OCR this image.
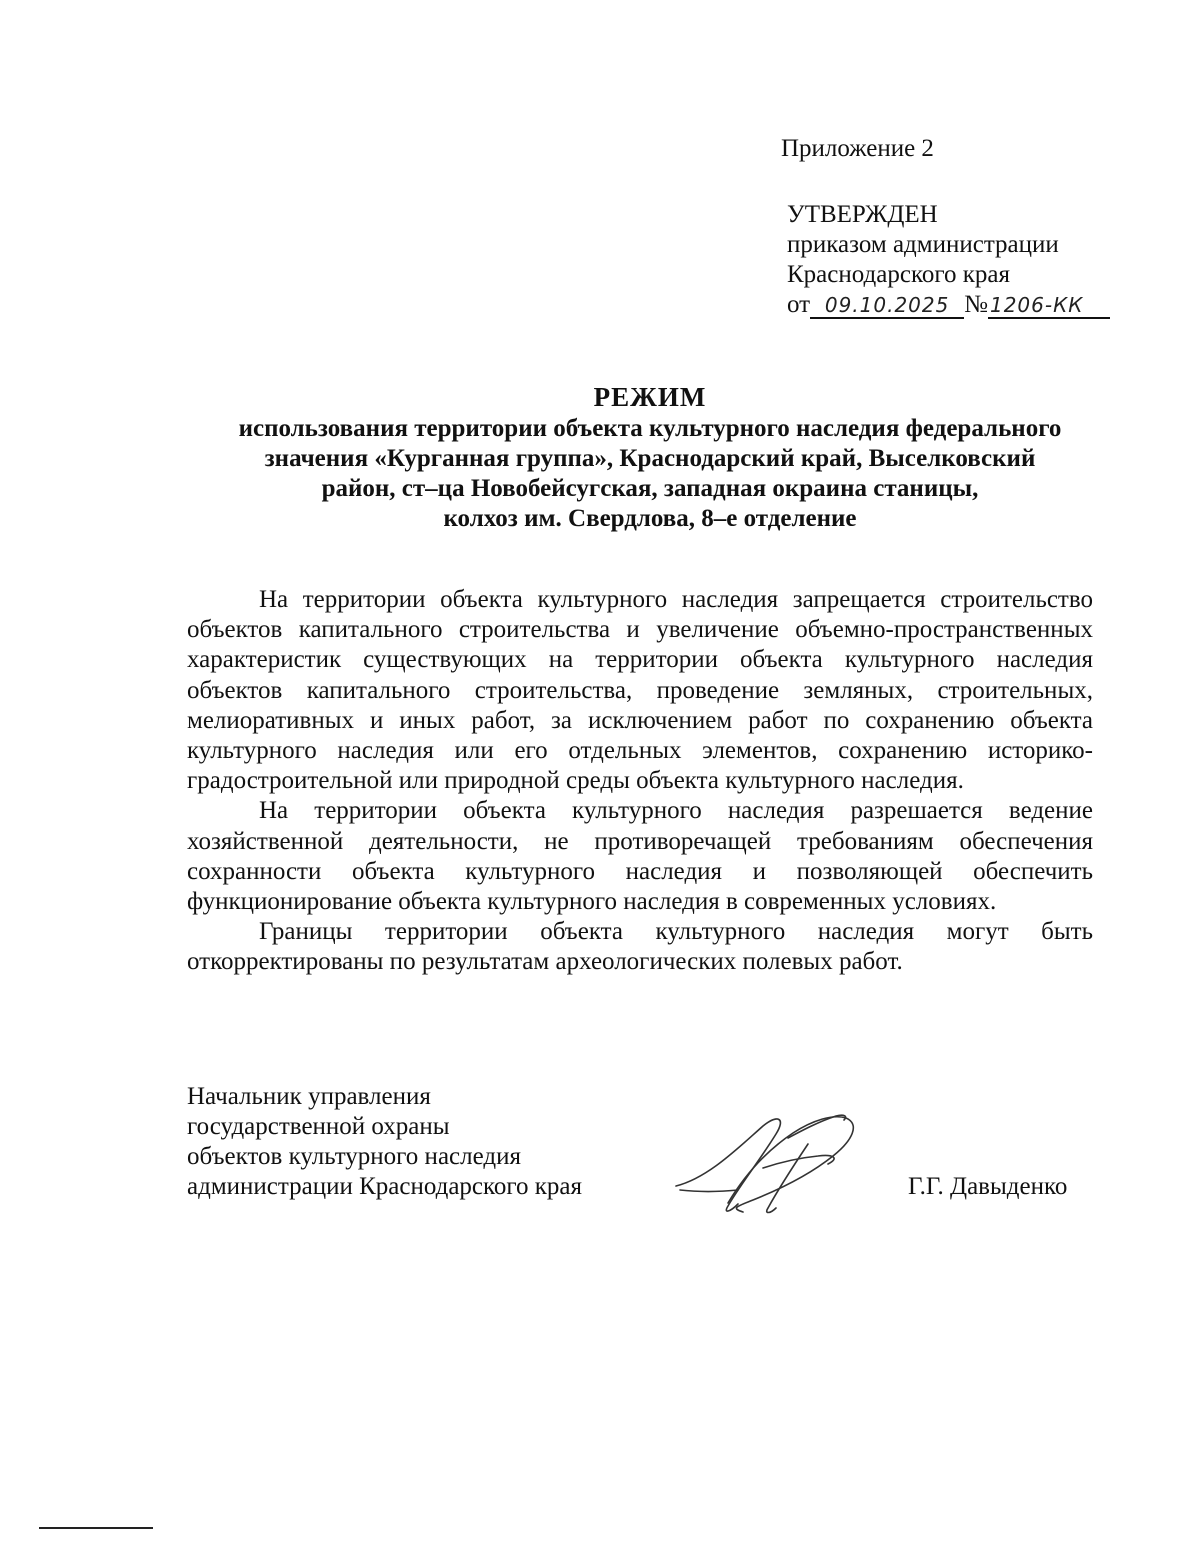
Приложение 2
УТВЕРЖДЕН
приказом администрации
Краснодарского края
от 09.10.2025 № 1206-КК
РЕЖИМ
использования территории объекта культурного наследия федерального
значения «Курганная группа», Краснодарский край, Выселковский
район, ст–ца Новобейсугская, западная окраина станицы,
колхоз им. Свердлова, 8–е отделение

На территории объекта культурного наследия запрещается строительство объектов капитального строительства и увеличение объемно-пространственных характеристик существующих на территории объекта культурного наследия объектов капитального строительства, проведение земляных, строительных, мелиоративных и иных работ, за исключением работ по сохранению объекта культурного наследия или его отдельных элементов, сохранению историко-градостроительной или природной среды объекта культурного наследия.

На территории объекта культурного наследия разрешается ведение хозяйственной деятельности, не противоречащей требованиям обеспечения сохранности объекта культурного наследия и позволяющей обеспечить функционирование объекта культурного наследия в современных условиях.

Границы территории объекта культурного наследия могут быть откорректированы по результатам археологических полевых работ.

Начальник управления
государственной охраны
объектов культурного наследия
администрации Краснодарского края	Г.Г. Давыденко
